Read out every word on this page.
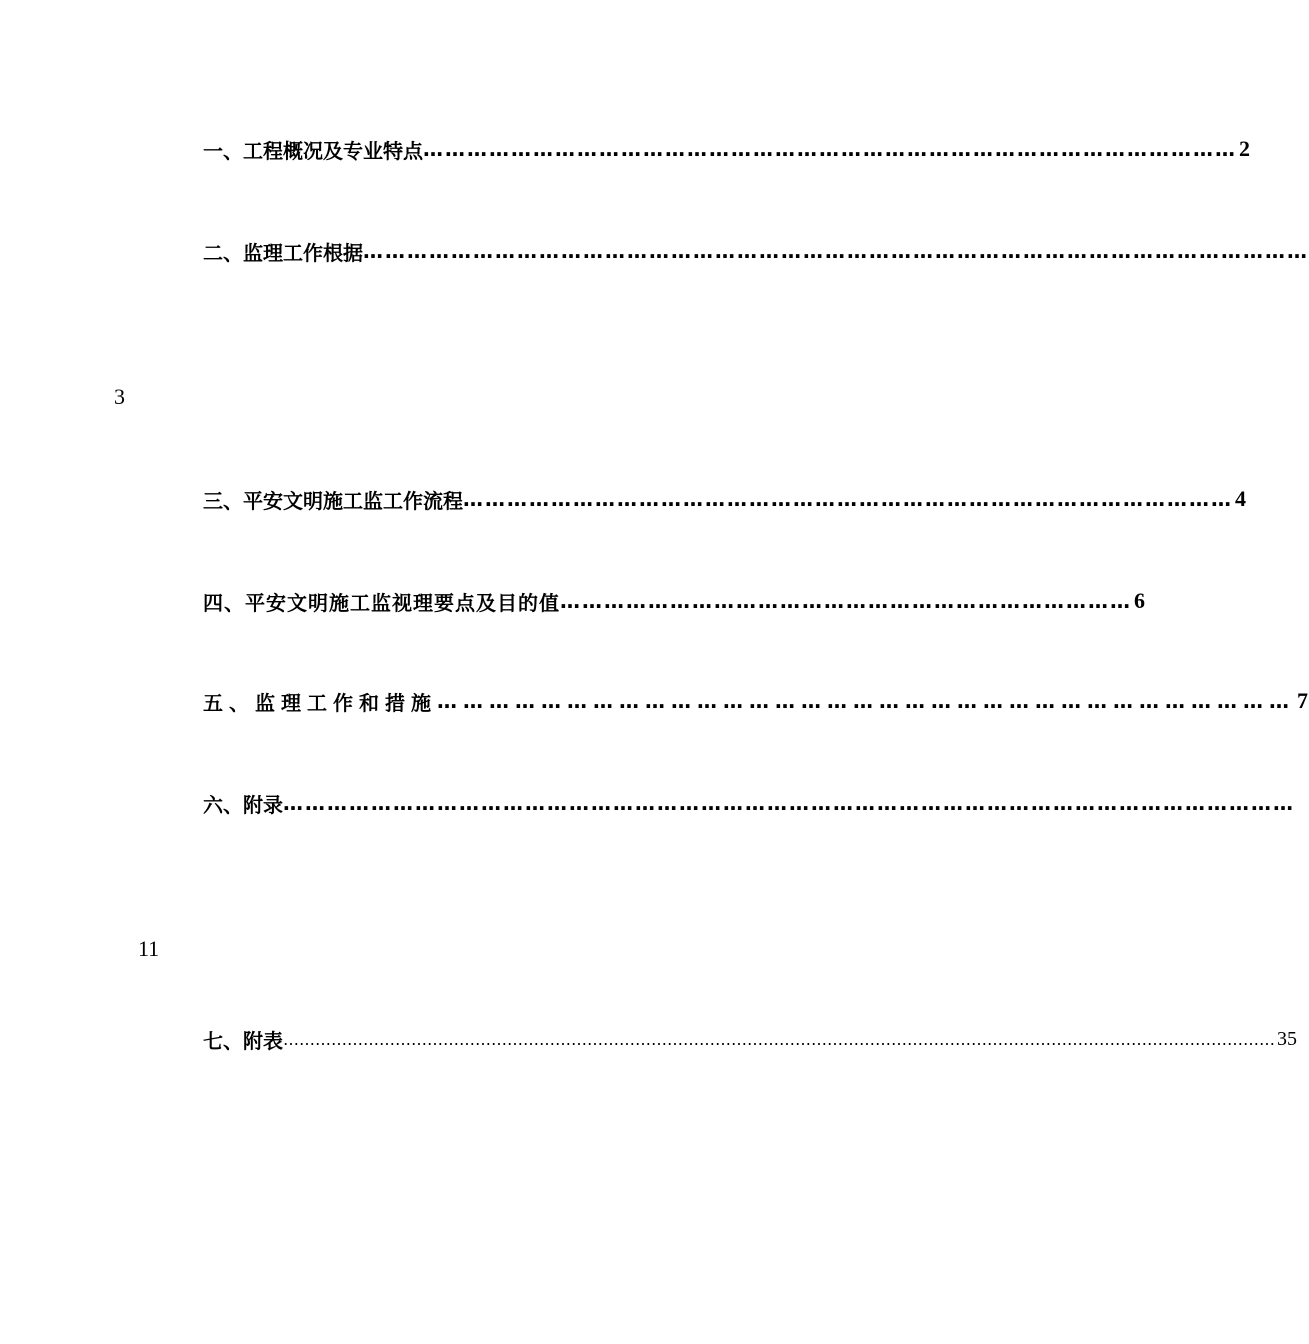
一、工程概况及专业特点 ………………………………………………………………………………………………… 2
二、监理工作根据 …………………………………………………………………………………………………………………
3
三、平安文明施工监工作流程 …………………………………………………………………………………………… 4
四、平安文明施工监视理要点及目的值 …………………………………………………………………… 6
五、监理工作和措施 ……………………………………………………………………………………… 7
六、附录 …………………………………………………………………………………………………………………………
11
七、附表 …………………………………………………………………………………………………………………………………………………………………… 35
